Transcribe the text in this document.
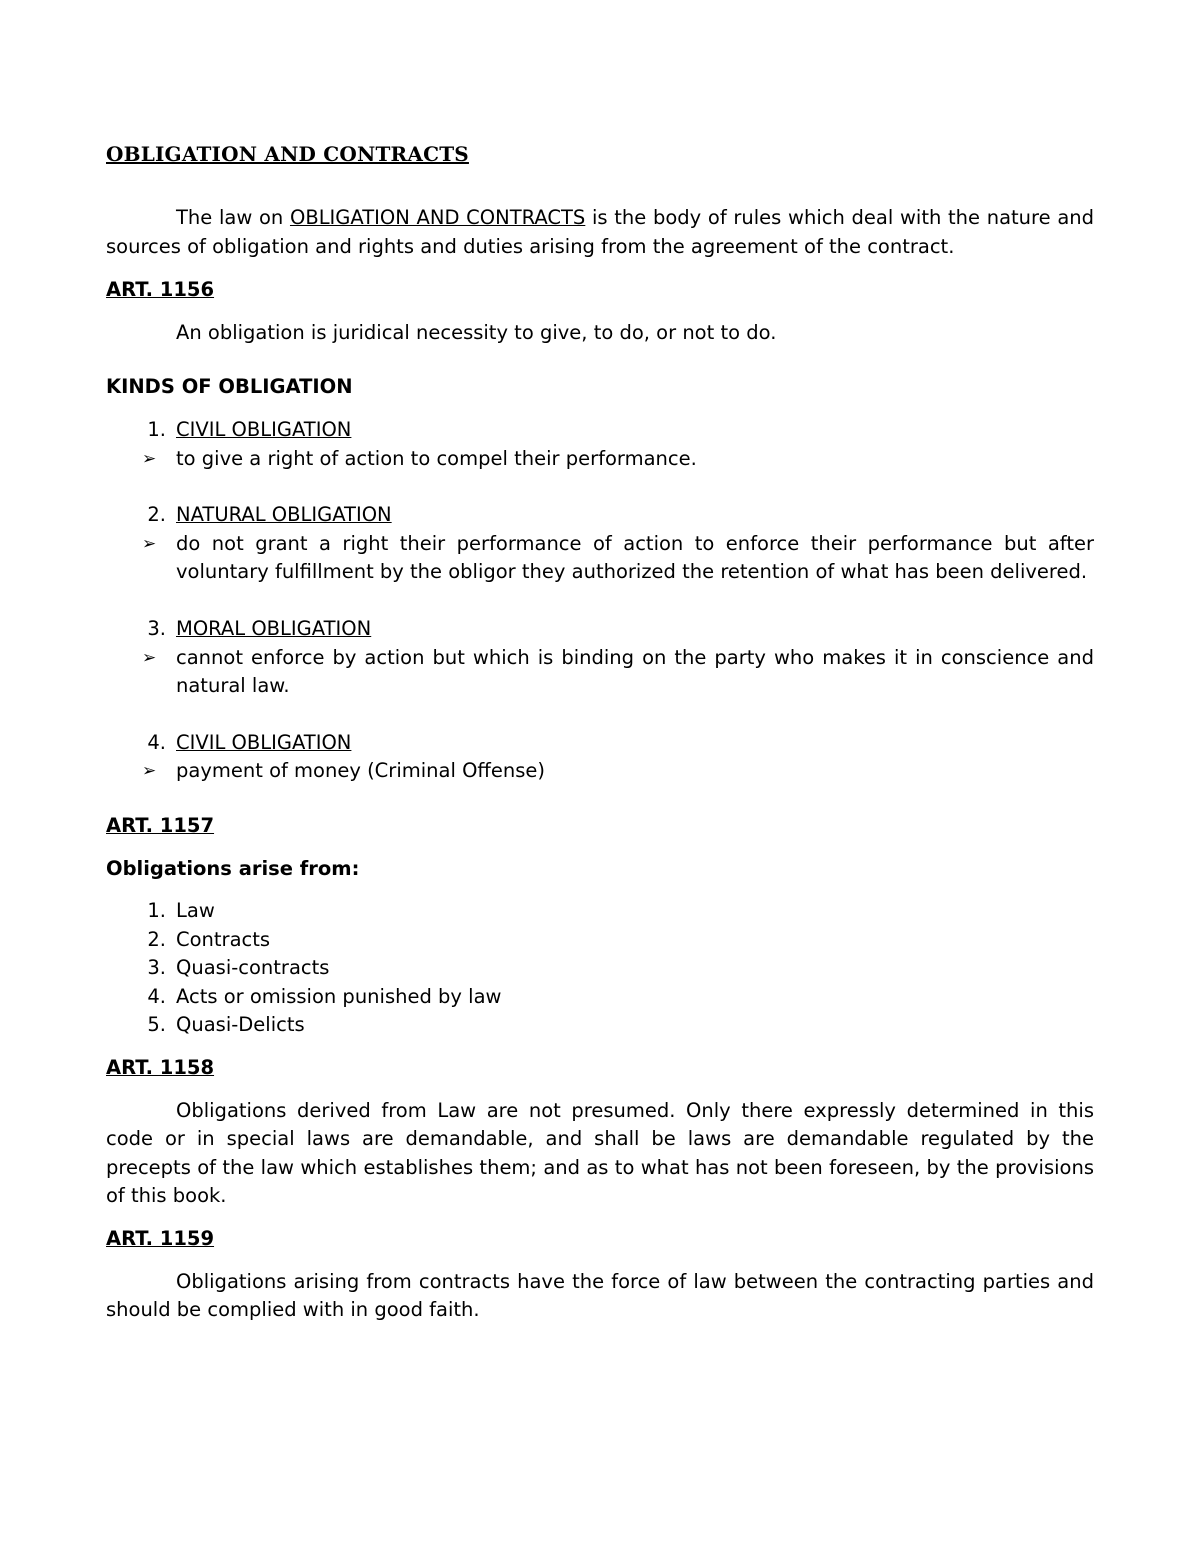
OBLIGATION AND CONTRACTS

The law on OBLIGATION AND CONTRACTS is the body of rules which deal with the nature and sources of obligation and rights and duties arising from the agreement of the contract.

ART. 1156

An obligation is juridical necessity to give, to do, or not to do.

KINDS OF OBLIGATION
1. CIVIL OBLIGATION
➢	to give a right of action to compel their performance.
2. NATURAL OBLIGATION
➢	do not grant a right their performance of action to enforce their performance but after voluntary fulfillment by the obligor they authorized the retention of what has been delivered.
3. MORAL OBLIGATION
➢	cannot enforce by action but which is binding on the party who makes it in conscience and natural law.
4. CIVIL OBLIGATION
➢	payment of money (Criminal Offense)
ART. 1157
Obligations arise from:
1. Law
2. Contracts
3. Quasi-contracts
4. Acts or omission punished by law
5. Quasi-Delicts
ART. 1158

Obligations derived from Law are not presumed. Only there expressly determined in this code or in special laws are demandable, and shall be laws are demandable regulated by the precepts of the law which establishes them; and as to what has not been foreseen, by the provisions of this book.

ART. 1159

Obligations arising from contracts have the force of law between the contracting parties and should be complied with in good faith.
